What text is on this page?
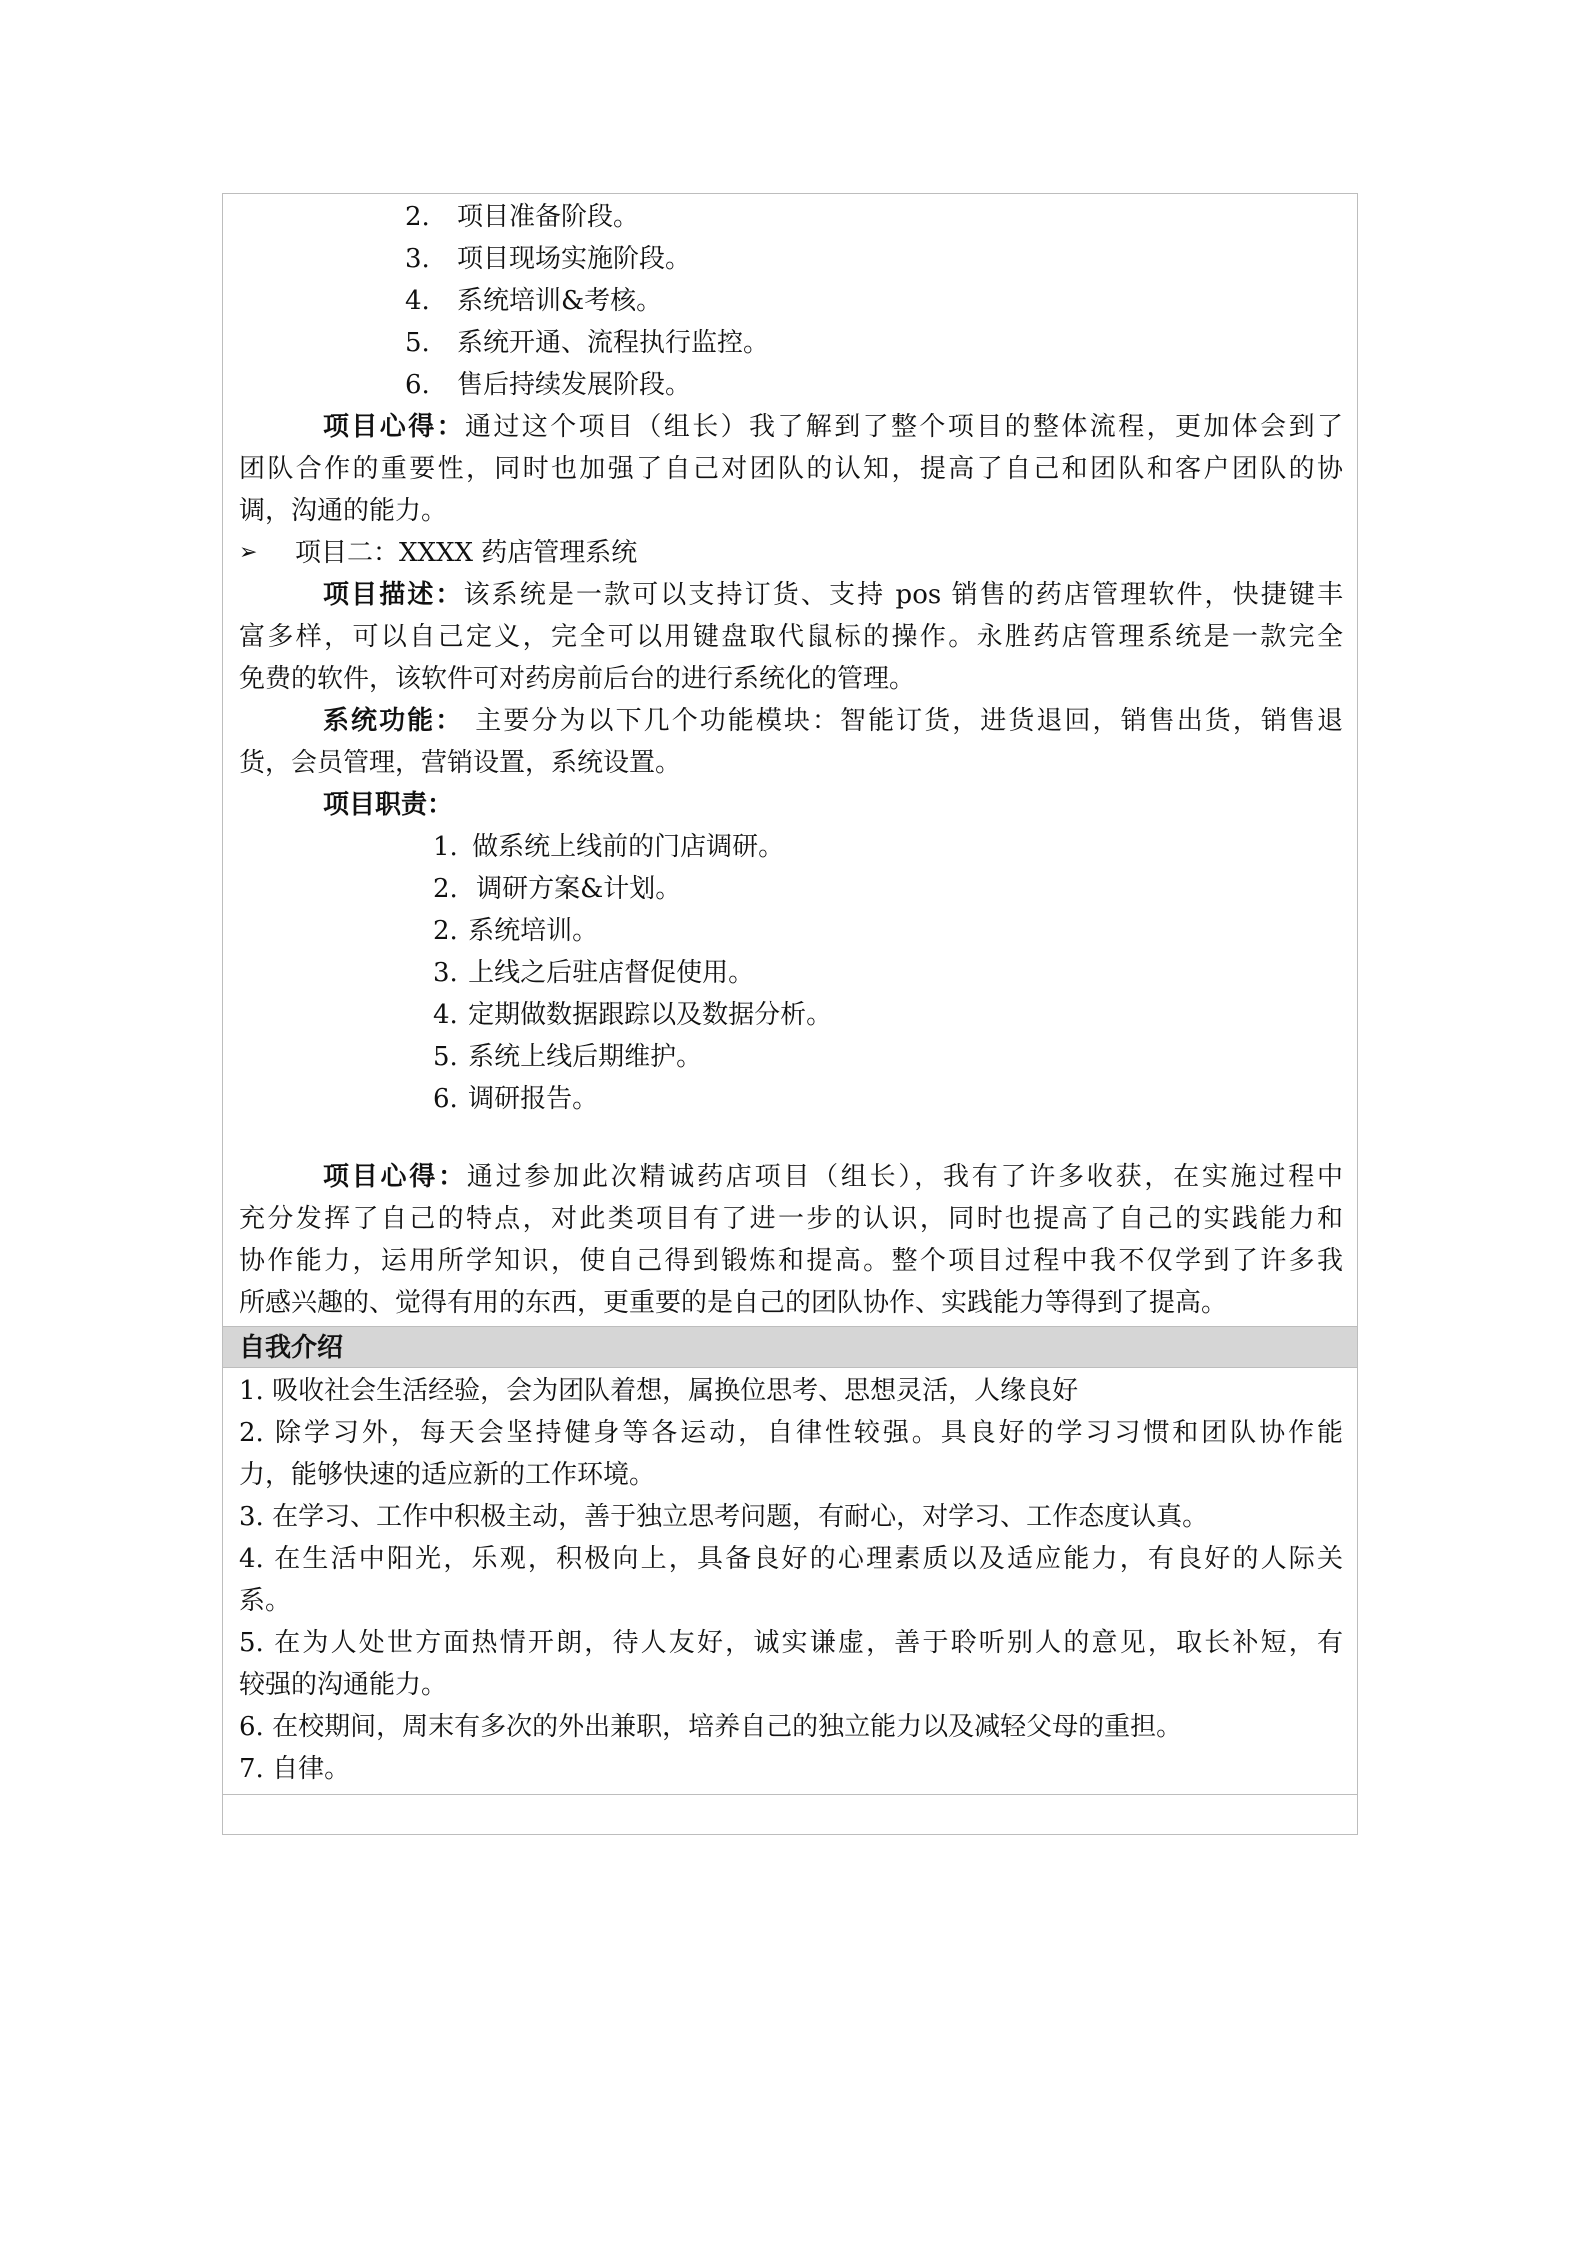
2.	项目准备阶段。
3.	项目现场实施阶段。
4.	系统培训&考核。
5.	系统开通、流程执行监控。
6.	售后持续发展阶段。
项目心得：通过这个项目（组长）我了解到了整个项目的整体流程，更加体会到了
团队合作的重要性，同时也加强了自己对团队的认知，提高了自己和团队和客户团队的协
调，沟通的能力。
➢ 项目二：XXXX 药店管理系统
项目描述：该系统是一款可以支持订货、支持 pos 销售的药店管理软件，快捷键丰
富多样，可以自己定义，完全可以用键盘取代鼠标的操作。永胜药店管理系统是一款完全
免费的软件，该软件可对药房前后台的进行系统化的管理。
系统功能： 主要分为以下几个功能模块：智能订货，进货退回，销售出货，销售退
货，会员管理，营销设置，系统设置。
项目职责：
1. 做系统上线前的门店调研。
2. 调研方案&计划。
2. 系统培训。
3. 上线之后驻店督促使用。
4. 定期做数据跟踪以及数据分析。
5. 系统上线后期维护。
6. 调研报告。
项目心得：通过参加此次精诚药店项目（组长），我有了许多收获，在实施过程中
充分发挥了自己的特点，对此类项目有了进一步的认识，同时也提高了自己的实践能力和
协作能力，运用所学知识，使自己得到锻炼和提高。整个项目过程中我不仅学到了许多我
所感兴趣的、觉得有用的东西，更重要的是自己的团队协作、实践能力等得到了提高。
自我介绍
1. 吸收社会生活经验，会为团队着想，属换位思考、思想灵活，人缘良好
2. 除学习外，每天会坚持健身等各运动，自律性较强。具良好的学习习惯和团队协作能
力，能够快速的适应新的工作环境。
3. 在学习、工作中积极主动，善于独立思考问题，有耐心，对学习、工作态度认真。
4. 在生活中阳光，乐观，积极向上，具备良好的心理素质以及适应能力，有良好的人际关
系。
5. 在为人处世方面热情开朗，待人友好，诚实谦虚，善于聆听别人的意见，取长补短，有
较强的沟通能力。
6. 在校期间，周末有多次的外出兼职，培养自己的独立能力以及减轻父母的重担。
7. 自律。
